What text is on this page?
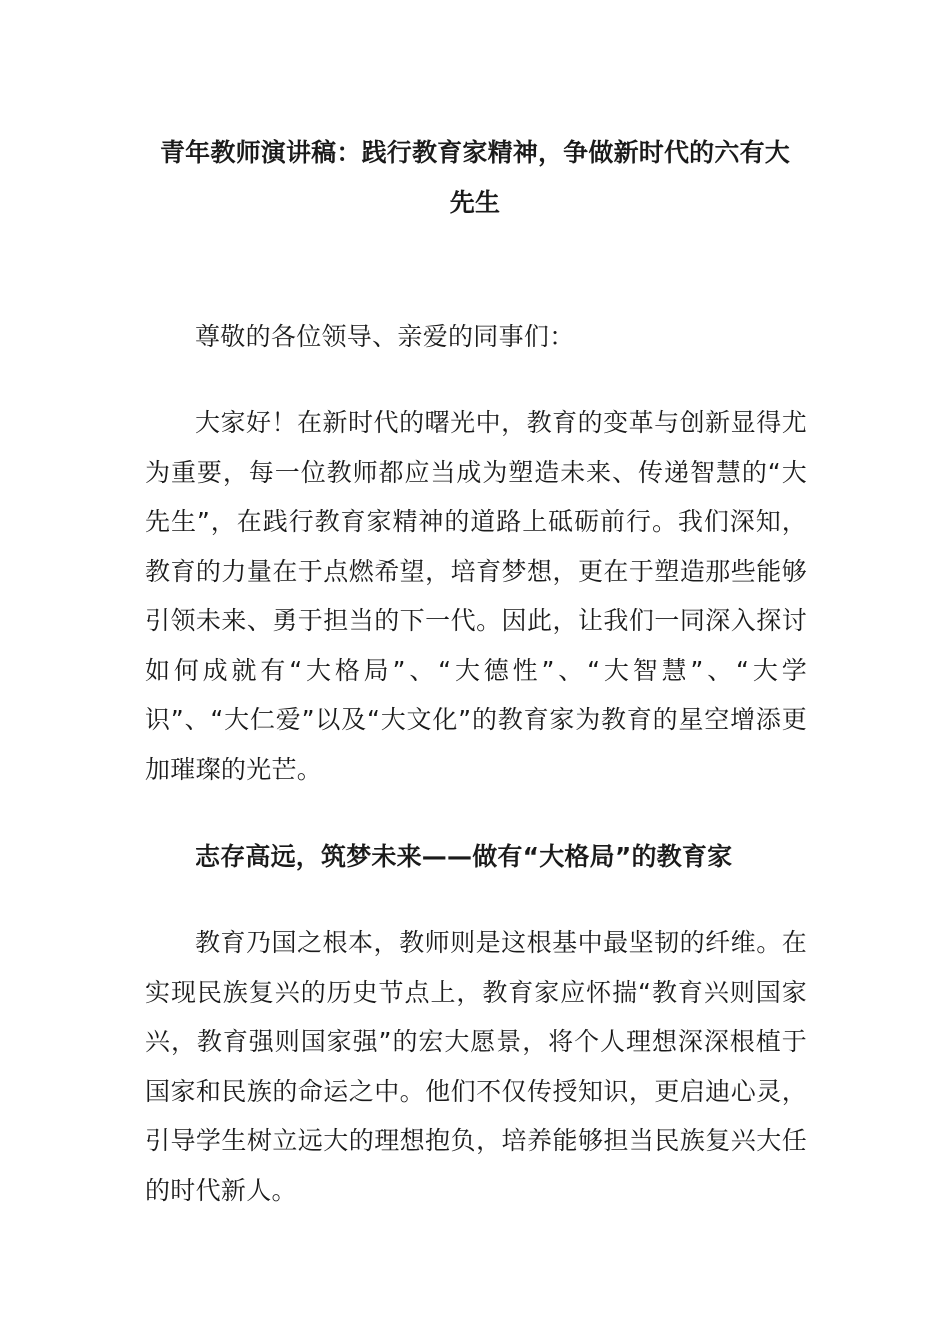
青年教师演讲稿：践行教育家精神，争做新时代的六有大
先生

尊敬的各位领导、亲爱的同事们：

大家好！在新时代的曙光中，教育的变革与创新显得尤为重要，每一位教师都应当成为塑造未来、传递智慧的“大先生”，在践行教育家精神的道路上砥砺前行。我们深知，教育的力量在于点燃希望，培育梦想，更在于塑造那些能够引领未来、勇于担当的下一代。因此，让我们一同深入探讨如何成就有“大格局”、“大德性”、“大智慧”、“大学识”、“大仁爱”以及“大文化”的教育家为教育的星空增添更加璀璨的光芒。

志存高远，筑梦未来——做有“大格局”的教育家

教育乃国之根本，教师则是这根基中最坚韧的纤维。在实现民族复兴的历史节点上，教育家应怀揣“教育兴则国家兴，教育强则国家强”的宏大愿景，将个人理想深深根植于国家和民族的命运之中。他们不仅传授知识，更启迪心灵，引导学生树立远大的理想抱负，培养能够担当民族复兴大任的时代新人。
